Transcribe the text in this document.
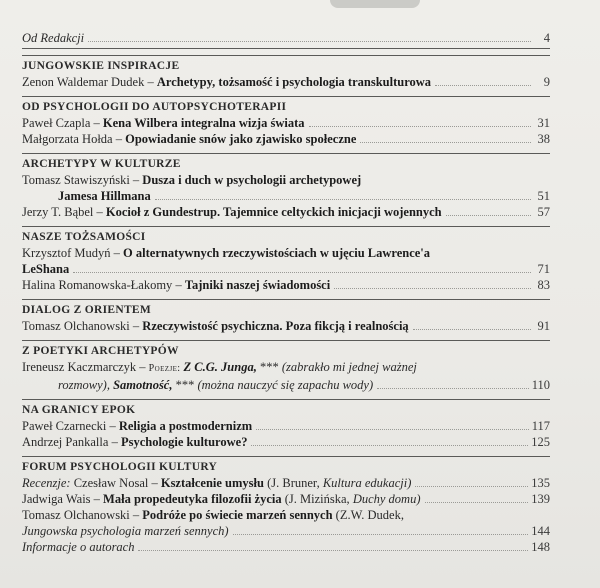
Od Redakcji	4
JUNGOWSKIE INSPIRACJE
Zenon Waldemar Dudek – Archetypy, tożsamość i psychologia transkulturowa	9
OD PSYCHOLOGII DO AUTOPSYCHOTERAPII
Paweł Czapla – Kena Wilbera integralna wizja świata	31
Małgorzata Hołda – Opowiadanie snów jako zjawisko społeczne	38
ARCHETYPY W KULTURZE
Tomasz Stawiszyński – Dusza i duch w psychologii archetypowej
Jamesa Hillmana	51
Jerzy T. Bąbel – Kocioł z Gundestrup. Tajemnice celtyckich inicjacji wojennych	57
NASZE TOŻSAMOŚCI
Krzysztof Mudyń – O alternatywnych rzeczywistościach w ujęciu Lawrence'a
LeShana	71
Halina Romanowska-Łakomy – Tajniki naszej świadomości	83
DIALOG Z ORIENTEM
Tomasz Olchanowski – Rzeczywistość psychiczna. Poza fikcją i realnością	91
Z POETYKI ARCHETYPÓW
Ireneusz Kaczmarczyk – Poezje: Z C.G. Junga, *** (zabrakło mi jednej ważnej
rozmowy), Samotność, *** (można nauczyć się zapachu wody)	110
NA GRANICY EPOK
Paweł Czarnecki – Religia a postmodernizm	117
Andrzej Pankalla – Psychologie kulturowe?	125
FORUM PSYCHOLOGII KULTURY
Recenzje: Czesław Nosal – Kształcenie umysłu (J. Bruner, Kultura edukacji)	135
Jadwiga Wais – Mała propedeutyka filozofii życia (J. Mizińska, Duchy domu)	139
Tomasz Olchanowski – Podróże po świecie marzeń sennych (Z.W. Dudek,
Jungowska psychologia marzeń sennych)	144
Informacje o autorach	148
